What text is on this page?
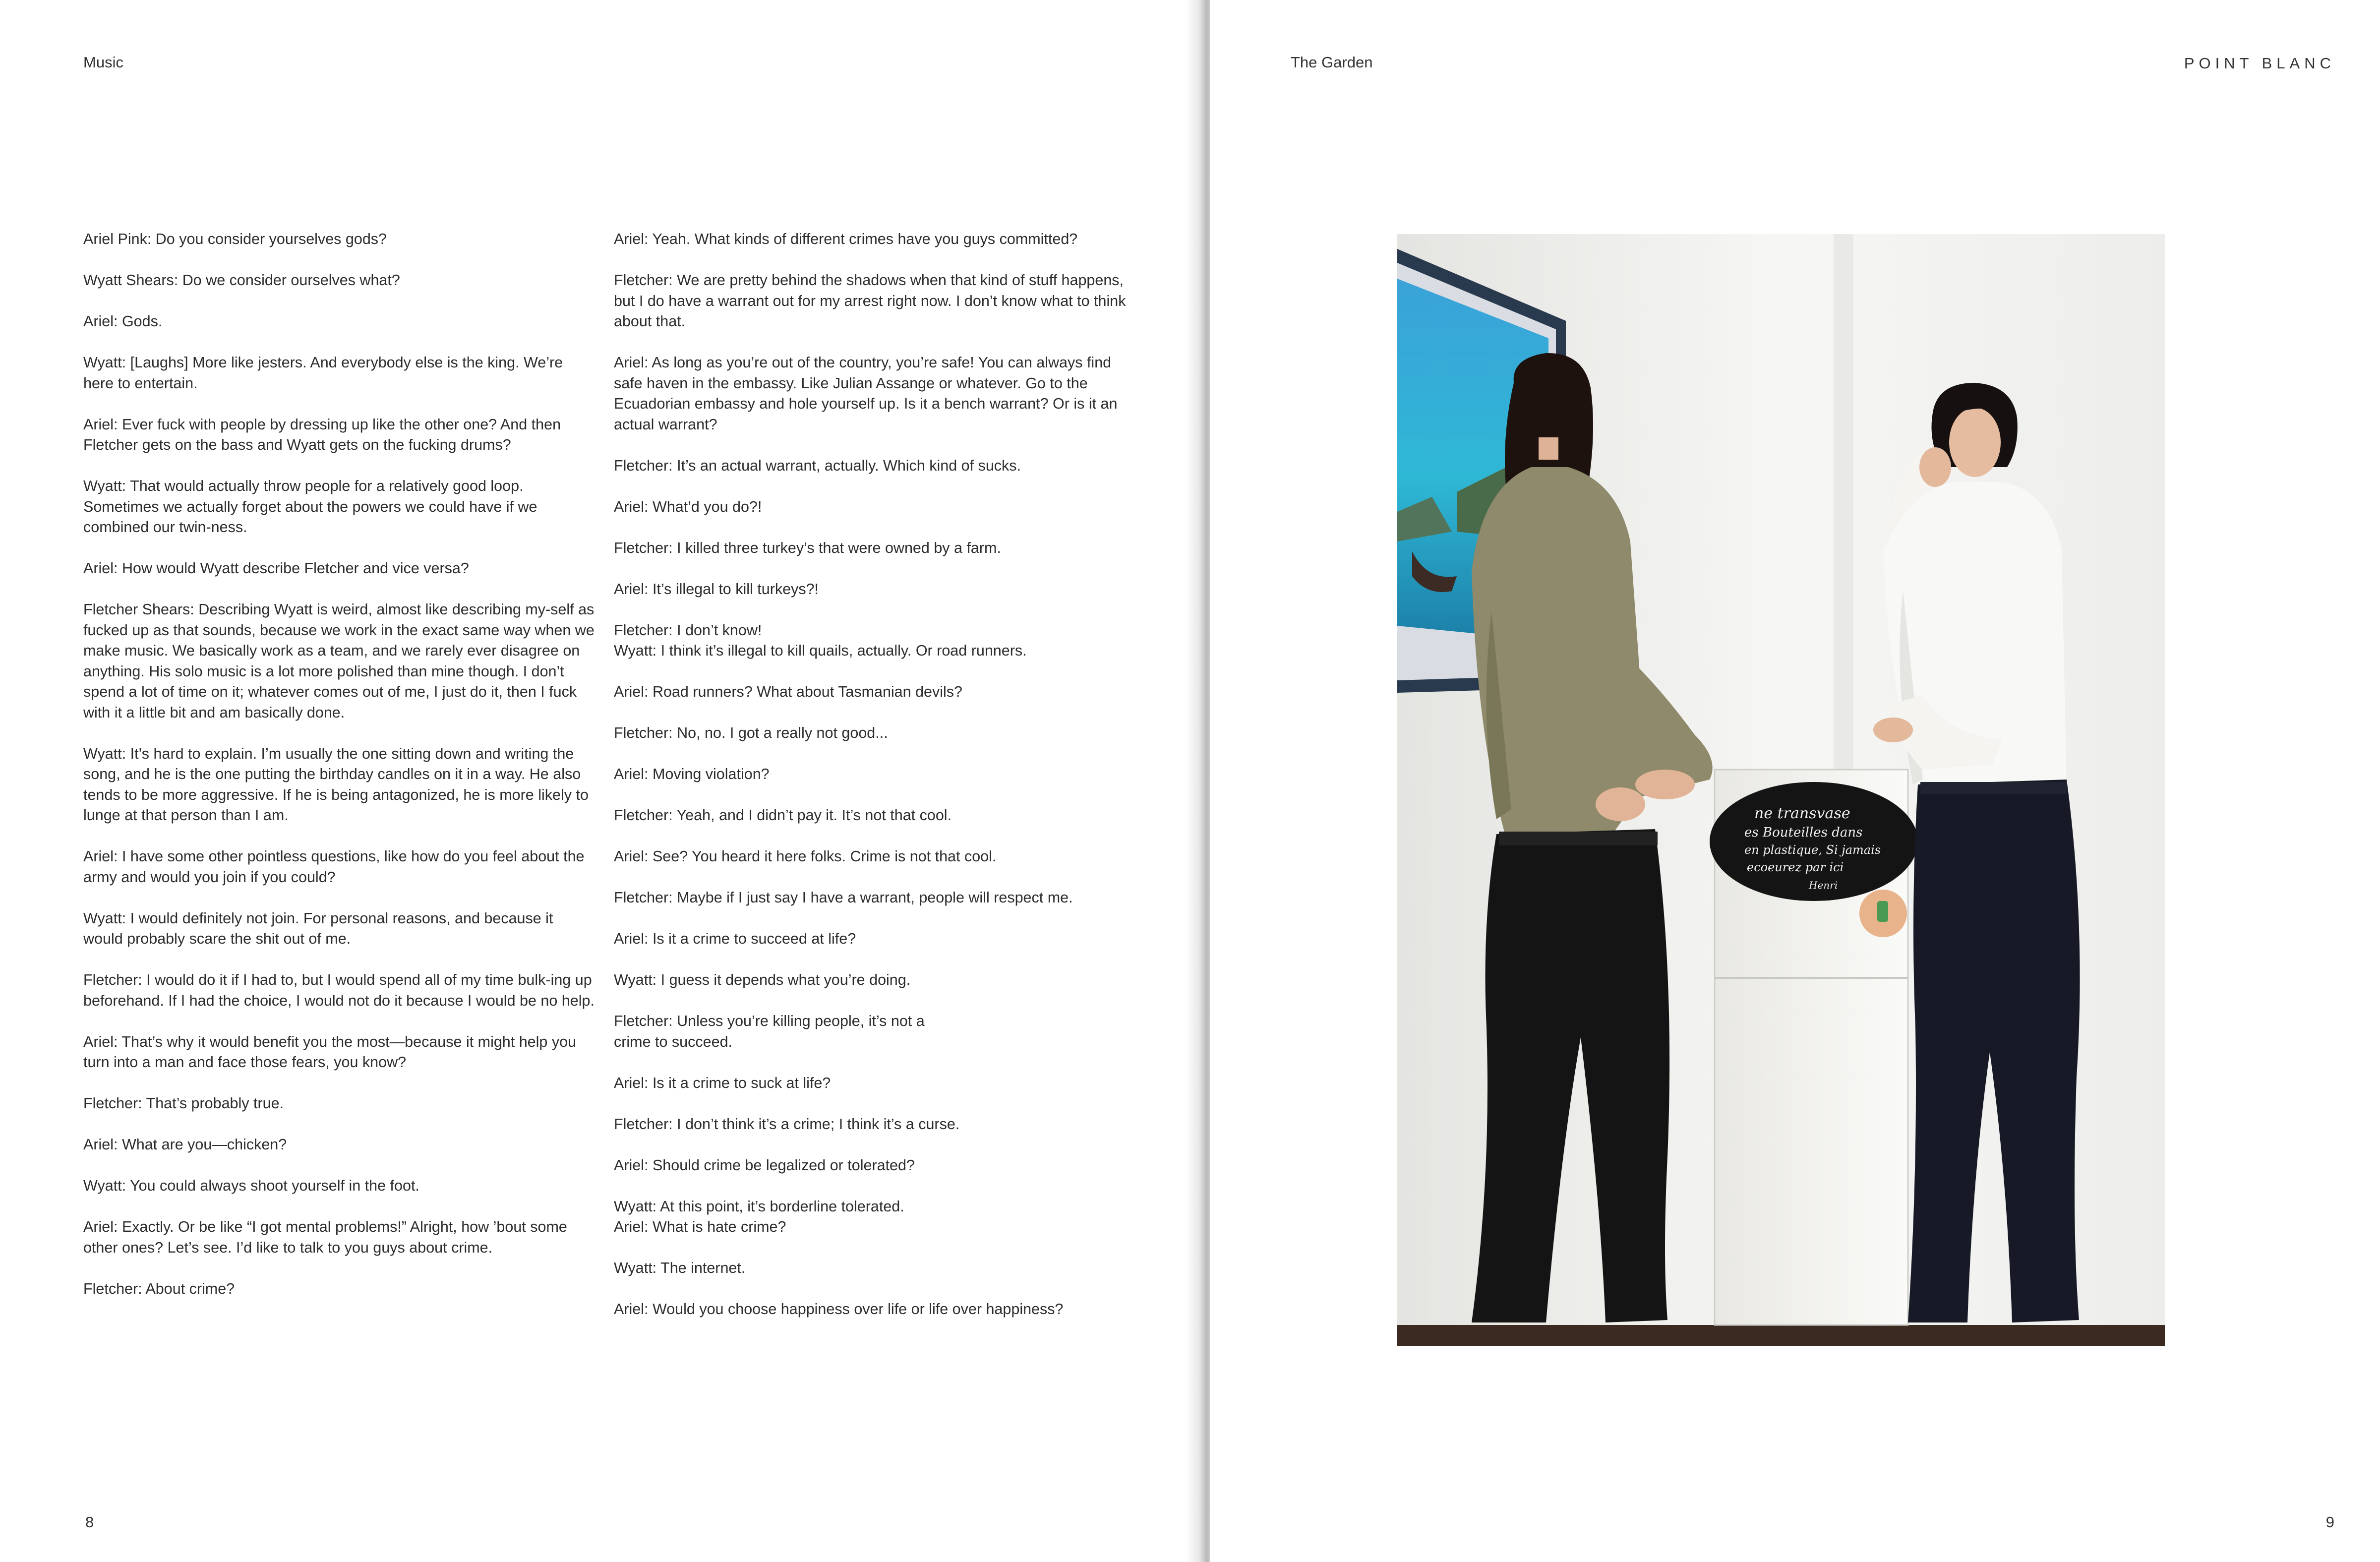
Music

Ariel Pink: Do you consider yourselves gods?

Wyatt Shears: Do we consider ourselves what?

Ariel: Gods.

Wyatt: [Laughs] More like jesters. And everybody else is the king. We’re here to entertain.

Ariel: Ever fuck with people by dressing up like the other one? And then Fletcher gets on the bass and Wyatt gets on the fucking drums?

Wyatt: That would actually throw people for a relatively good loop. Sometimes we actually forget about the powers we could have if we combined our twin-ness.

Ariel: How would Wyatt describe Fletcher and vice versa?

Fletcher Shears: Describing Wyatt is weird, almost like describing my-self as fucked up as that sounds, because we work in the exact same way when we make music. We basically work as a team, and we rarely ever disagree on anything. His solo music is a lot more polished than mine though. I don’t spend a lot of time on it; whatever comes out of me, I just do it, then I fuck with it a little bit and am basically done.

Wyatt: It’s hard to explain. I’m usually the one sitting down and writing the song, and he is the one putting the birthday candles on it in a way. He also tends to be more aggressive. If he is being antagonized, he is more likely to lunge at that person than I am.

Ariel: I have some other pointless questions, like how do you feel about the army and would you join if you could?

Wyatt: I would definitely not join. For personal reasons, and because it would probably scare the shit out of me.

Fletcher: I would do it if I had to, but I would spend all of my time bulk-ing up beforehand. If I had the choice, I would not do it because I would be no help.

Ariel: That’s why it would benefit you the most—because it might help you turn into a man and face those fears, you know?

Fletcher: That’s probably true.

Ariel: What are you—chicken?

Wyatt: You could always shoot yourself in the foot.

Ariel: Exactly. Or be like “I got mental problems!” Alright, how ’bout some other ones? Let’s see. I’d like to talk to you guys about crime.

Fletcher: About crime?

Ariel: Yeah. What kinds of different crimes have you guys committed?

Fletcher: We are pretty behind the shadows when that kind of stuff happens, but I do have a warrant out for my arrest right now. I don’t know what to think about that.

Ariel: As long as you’re out of the country, you’re safe! You can always find safe haven in the embassy. Like Julian Assange or whatever. Go to the Ecuadorian embassy and hole yourself up. Is it a bench warrant? Or is it an actual warrant?

Fletcher: It’s an actual warrant, actually. Which kind of sucks.

Ariel: What’d you do?!

Fletcher: I killed three turkey’s that were owned by a farm.

Ariel: It’s illegal to kill turkeys?!

Fletcher: I don’t know!
Wyatt: I think it’s illegal to kill quails, actually. Or road runners.

Ariel: Road runners? What about Tasmanian devils?

Fletcher: No, no. I got a really not good...

Ariel: Moving violation?

Fletcher: Yeah, and I didn’t pay it. It’s not that cool.

Ariel: See? You heard it here folks. Crime is not that cool.

Fletcher: Maybe if I just say I have a warrant, people will respect me.

Ariel: Is it a crime to succeed at life?

Wyatt: I guess it depends what you’re doing.

Fletcher: Unless you’re killing people, it’s not a
crime to succeed.

Ariel: Is it a crime to suck at life?

Fletcher: I don’t think it’s a crime; I think it’s a curse.

Ariel: Should crime be legalized or tolerated?

Wyatt: At this point, it’s borderline tolerated.
Ariel: What is hate crime?

Wyatt: The internet.

Ariel: Would you choose happiness over life or life over happiness?

8
The Garden	POINT BLANC
9
ne transvase
es Bouteilles dans
en plastique, Si jamais
ecoeurez par ici
Henri
